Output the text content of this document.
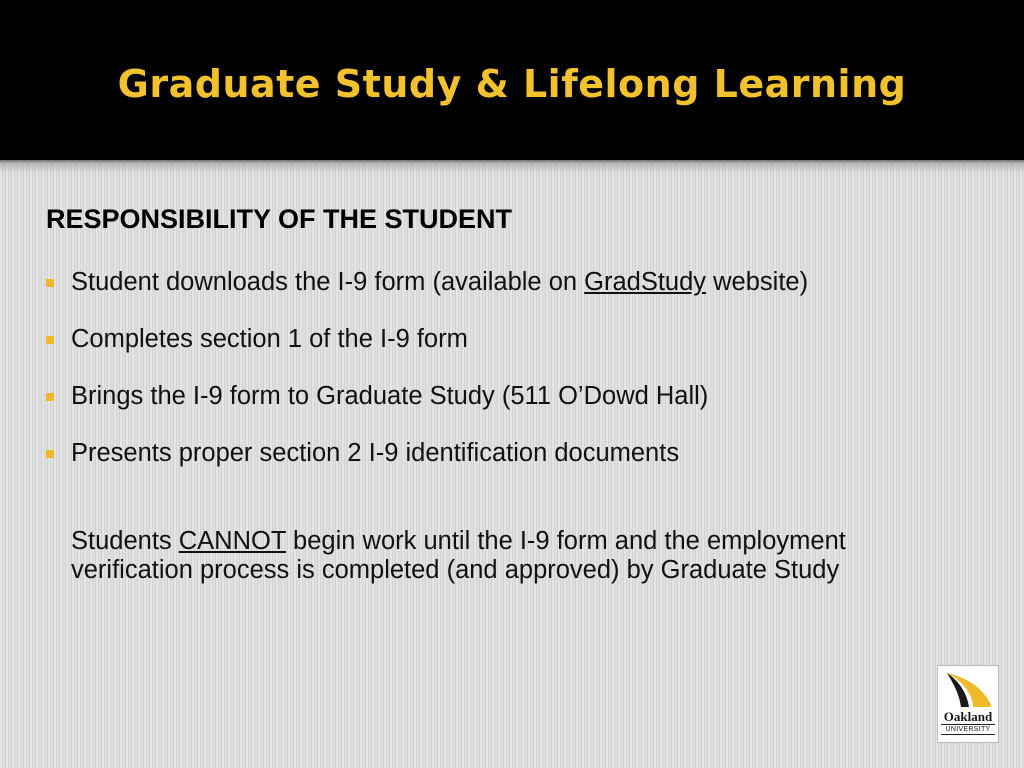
Graduate Study & Lifelong Learning
RESPONSIBILITY OF THE STUDENT
Student downloads the I-9 form (available on GradStudy website)
Completes section 1 of the I-9 form
Brings the I-9 form to Graduate Study (511 O’Dowd Hall)
Presents proper section 2 I-9 identification documents

Students CANNOT begin work until the I-9 form and the employment verification process is completed (and approved) by Graduate Study

Oakland
UNIVERSITY
